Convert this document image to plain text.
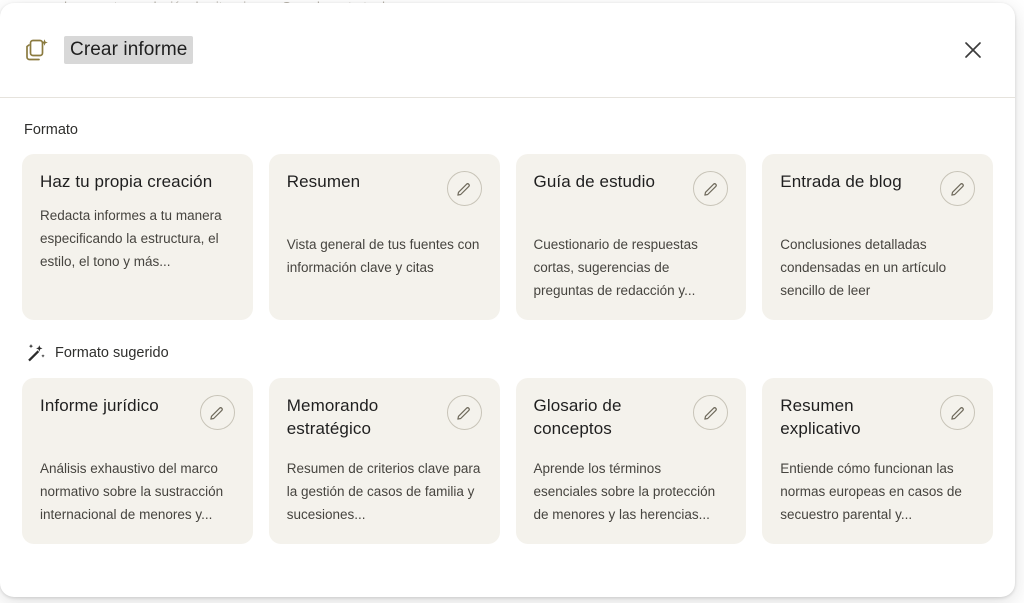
Crear informe
Formato
Haz tu propia creación
Redacta informes a tu manera especificando la estructura, el estilo, el tono y más...
Resumen
Vista general de tus fuentes con información clave y citas
Guía de estudio
Cuestionario de respuestas cortas, sugerencias de preguntas de redacción y...
Entrada de blog
Conclusiones detalladas condensadas en un artículo sencillo de leer
Formato sugerido
Informe jurídico
Análisis exhaustivo del marco normativo sobre la sustracción internacional de menores y...
Memorando estratégico
Resumen de criterios clave para la gestión de casos de familia y sucesiones...
Glosario de conceptos
Aprende los términos esenciales sobre la protección de menores y las herencias...
Resumen explicativo
Entiende cómo funcionan las normas europeas en casos de secuestro parental y...
